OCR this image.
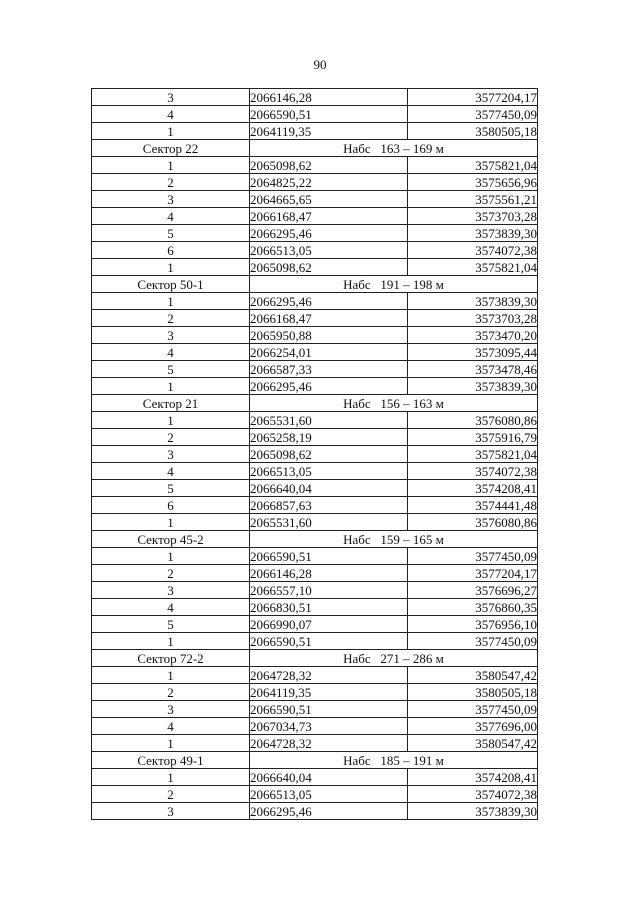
90
3	2066146,28	3577204,17
4	2066590,51	3577450,09
1	2064119,35	3580505,18
Сектор 22	Набс   163 – 169 м	
1	2065098,62	3575821,04
2	2064825,22	3575656,96
3	2064665,65	3575561,21
4	2066168,47	3573703,28
5	2066295,46	3573839,30
6	2066513,05	3574072,38
1	2065098,62	3575821,04
Сектор 50-1	Набс   191 – 198 м	
1	2066295,46	3573839,30
2	2066168,47	3573703,28
3	2065950,88	3573470,20
4	2066254,01	3573095,44
5	2066587,33	3573478,46
1	2066295,46	3573839,30
Сектор 21	Набс   156 – 163 м	
1	2065531,60	3576080,86
2	2065258,19	3575916,79
3	2065098,62	3575821,04
4	2066513,05	3574072,38
5	2066640,04	3574208,41
6	2066857,63	3574441,48
1	2065531,60	3576080,86
Сектор 45-2	Набс   159 – 165 м	
1	2066590,51	3577450,09
2	2066146,28	3577204,17
3	2066557,10	3576696,27
4	2066830,51	3576860,35
5	2066990,07	3576956,10
1	2066590,51	3577450,09
Сектор 72-2	Набс   271 – 286 м	
1	2064728,32	3580547,42
2	2064119,35	3580505,18
3	2066590,51	3577450,09
4	2067034,73	3577696,00
1	2064728,32	3580547,42
Сектор 49-1	Набс   185 – 191 м	
1	2066640,04	3574208,41
2	2066513,05	3574072,38
3	2066295,46	3573839,30
